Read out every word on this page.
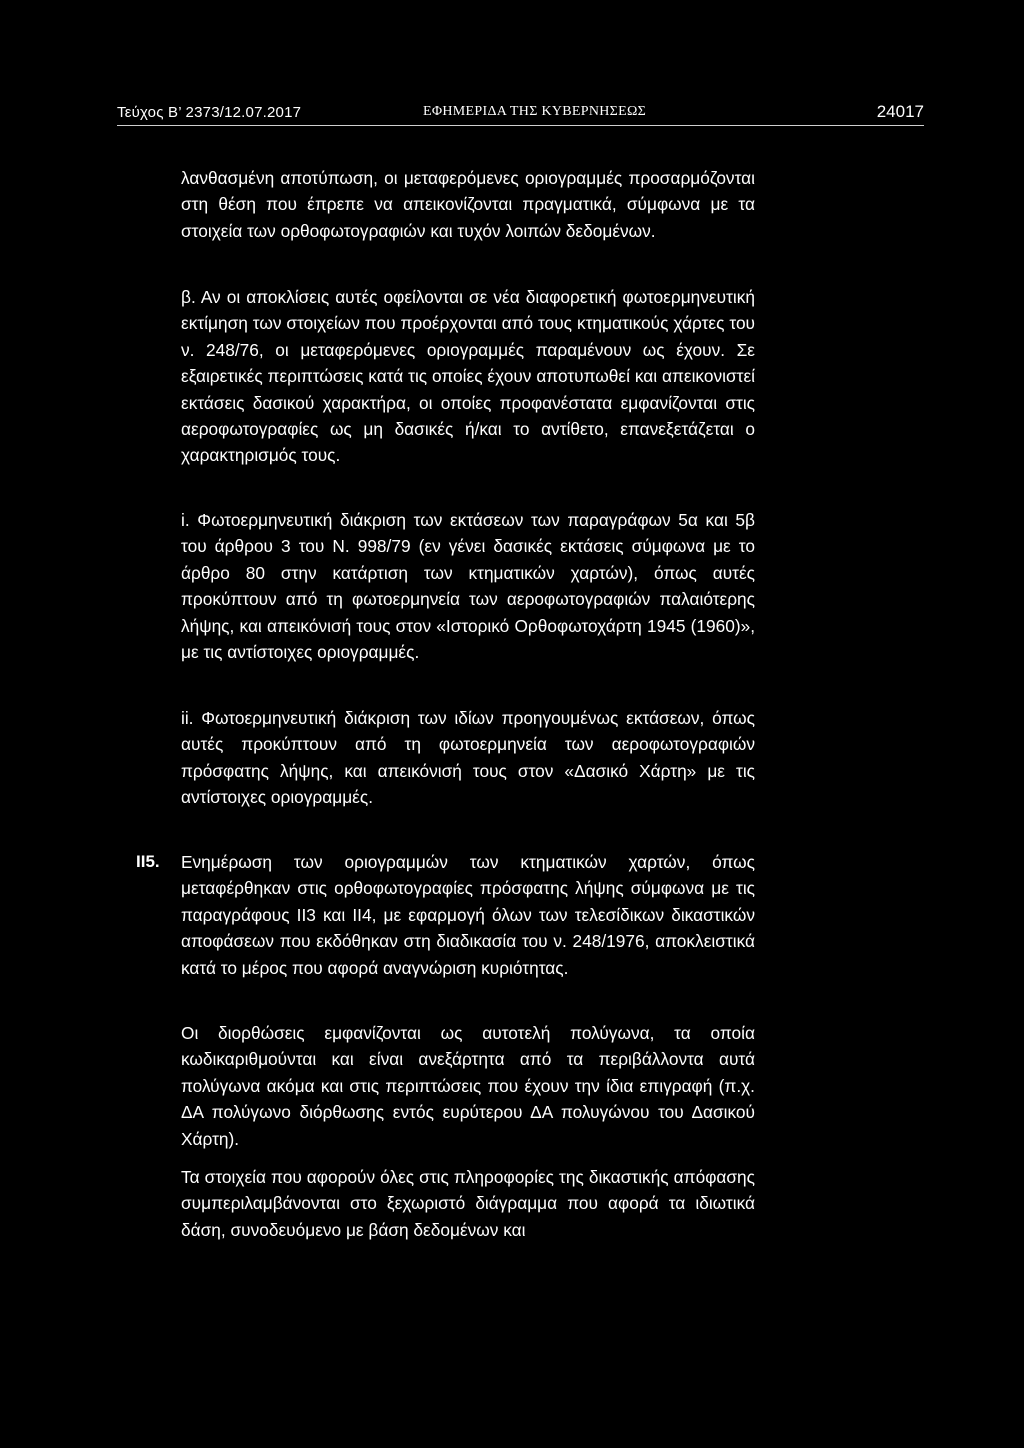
Τεύχος Β’ 2373/12.07.2017	ΕΦΗΜΕΡΙΔΑ ΤΗΣ ΚΥΒΕΡΝΗΣΕΩΣ	24017
λανθασμένη αποτύπωση, οι μεταφερόμενες οριογραμμές προσαρμόζονται στη θέση που έπρεπε να απεικονίζονται πραγματικά, σύμφωνα με τα στοιχεία των ορθοφωτογραφιών και τυχόν λοιπών δεδομένων.
β. Αν οι αποκλίσεις αυτές οφείλονται σε νέα διαφορετική φωτοερμηνευτική εκτίμηση των στοιχείων που προέρχονται από τους κτηματικούς χάρτες του ν. 248/76, οι μεταφερόμενες οριογραμμές παραμένουν ως έχουν. Σε εξαιρετικές περιπτώσεις κατά τις οποίες έχουν αποτυπωθεί και απεικονιστεί εκτάσεις δασικού χαρακτήρα, οι οποίες προφανέστατα εμφανίζονται στις αεροφωτογραφίες ως μη δασικές ή/και το αντίθετο, επανεξετάζεται ο χαρακτηρισμός τους.
i. Φωτοερμηνευτική διάκριση των εκτάσεων των παραγράφων 5α και 5β του άρθρου 3 του Ν. 998/79 (εν γένει δασικές εκτάσεις σύμφωνα με το άρθρο 80 στην κατάρτιση των κτηματικών χαρτών), όπως αυτές προκύπτουν από τη φωτοερμηνεία των αεροφωτογραφιών παλαιότερης λήψης, και απεικόνισή τους στον «Ιστορικό Ορθοφωτοχάρτη 1945 (1960)», με τις αντίστοιχες οριογραμμές.
ii. Φωτοερμηνευτική διάκριση των ιδίων προηγουμένως εκτάσεων, όπως αυτές προκύπτουν από τη φωτοερμηνεία των αεροφωτογραφιών πρόσφατης λήψης, και απεικόνισή τους στον «Δασικό Χάρτη» με τις αντίστοιχες οριογραμμές.
ΙΙ5. Ενημέρωση των οριογραμμών των κτηματικών χαρτών, όπως μεταφέρθηκαν στις ορθοφωτογραφίες πρόσφατης λήψης σύμφωνα με τις παραγράφους ΙΙ3 και ΙΙ4, με εφαρμογή όλων των τελεσίδικων δικαστικών αποφάσεων που εκδόθηκαν στη διαδικασία του ν. 248/1976, αποκλειστικά κατά το μέρος που αφορά αναγνώριση κυριότητας.
Οι διορθώσεις εμφανίζονται ως αυτοτελή πολύγωνα, τα οποία κωδικαριθμούνται και είναι ανεξάρτητα από τα περιβάλλοντα αυτά πολύγωνα ακόμα και στις περιπτώσεις που έχουν την ίδια επιγραφή (π.χ. ΔΑ πολύγωνο διόρθωσης εντός ευρύτερου ΔΑ πολυγώνου του Δασικού Χάρτη).
Τα στοιχεία που αφορούν όλες στις πληροφορίες της δικαστικής απόφασης συμπεριλαμβάνονται στο ξεχωριστό διάγραμμα που αφορά τα ιδιωτικά δάση, συνοδευόμενο με βάση δεδομένων και
